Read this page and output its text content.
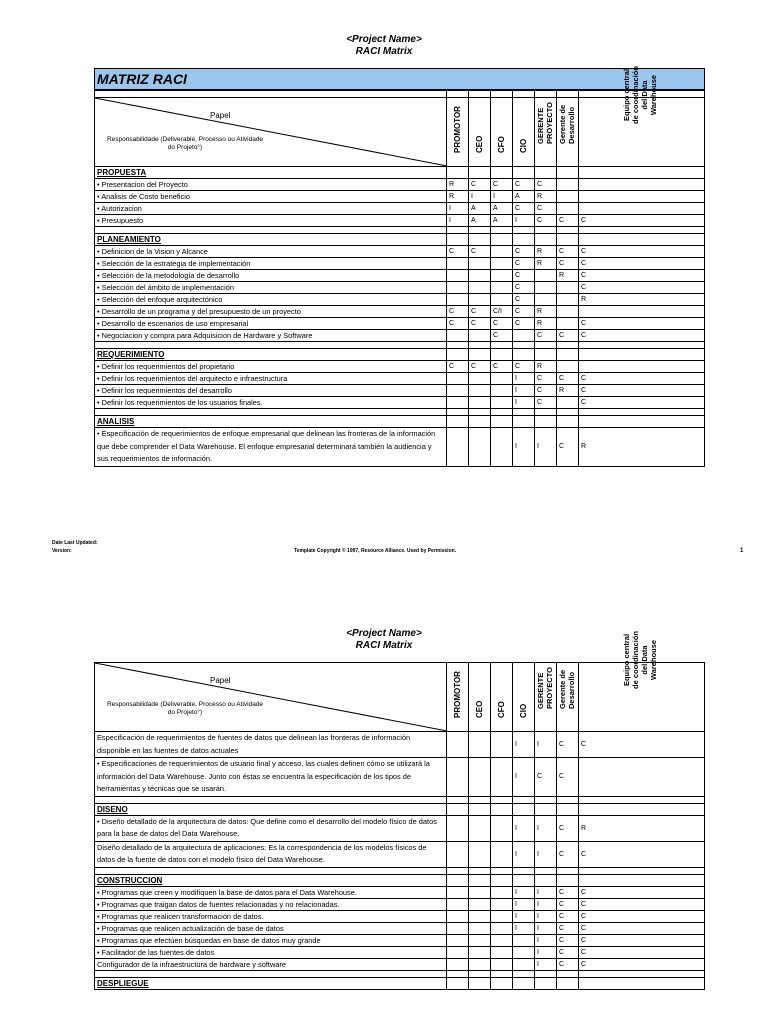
<Project Name>
RACI Matrix
MATRIZ RACI							

Papel
Responsabilidade (Deliverable, Processo ou Atividade do Projeto°)	PROMOTOR	CEO	CFO	CIO	GERENTE PROYECTO	Gerente de Desarrollo	Equipo central de coordinación del Data Warehouse

PROPUESTA							
• Presentacion del Proyecto	R	C	C	C	C		
• Analisis de Costo beneficio	R	I	I	A	R		
• Autorizacion	I	A	A	C	C		
• Presupuesto	I	A	A	I	C	C	C

PLANEAMIENTO							
• Definicion de la Vision y Alcance	C	C		C	R	C	C
• Selección de la estrategia de implementación				C	R	C	C
• Selección de la metodología de desarrollo				C		R	C
• Selección del ámbito de implementación				C			C
• Selección del enfoque arquitectónico				C			R
• Desarrollo de un programa y del presupuesto de un proyecto	C	C	C/I	C	R		
• Desarrollo de escenarios de uso empresarial	C	C	C	C	R		C
• Negociacion y compra para Adquisicion de Hardware y Software			C		C	C	C

REQUERIMIENTO							
• Definir los requerimientos del propietario	C	C	C	C	R		
• Definir los requerimientos del arquitecto e infraestructura				I	C	C	C
• Definir los requerimientos del desarrollo				I	C	R	C
• Definir los requerimientos de los usuarios finales.				I	C		C

ANALISIS							
• Especificación de requerimientos de enfoque empresarial que delinean las fronteras de la información que debe comprender el Data Warehouse. El enfoque empresarial determinará también la audiencia y sus requerimientos de información.				I	I	C	R
Date Last Updated:
Version:	Template Copyright © 1997, Resource Alliance. Used by Permission.	1
<Project Name>
RACI Matrix
Papel
Responsabilidade (Deliverable, Processo ou Atividade do Projeto°)	PROMOTOR	CEO	CFO	CIO	GERENTE PROYECTO	Gerente de Desarrollo	Equipo central de coordinación del Data Warehouse

Especificación de requerimientos de fuentes de datos que delinean las fronteras de información disponible en las fuentes de datos actuales				I	I	C	C
• Especificaciones de requerimientos de usuario final y acceso, las cuales definen cómo se utilizará la información del Data Warehouse. Junto con éstas se encuentra la especificación de los tipos de herramientas y técnicas que se usarán.				I	C	C	

DISENO							
• Diseño detallado de la arquitectura de datos: Que define como el desarrollo del modelo físico de datos para la base de datos del Data Warehouse.				I	I	C	R
Diseño detallado de la arquitectura de aplicaciones: Es la correspondencia de los modelos físicos de datos de la fuente de datos con el modelo físico del Data Warehouse.				I	I	C	C

CONSTRUCCION							
• Programas que creen y modifiquen la base de datos para el Data Warehouse.				I	I	C	C
• Programas que traigan datos de fuentes relacionadas y no relacionadas.				I	I	C	C
• Programas que realicen transformación de datos.				I	I	C	C
• Programas que realicen actualización de base de datos				I	I	C	C
• Programas que efectúen búsquedas en base de datos muy grande					I	C	C
• Facilitador de las fuentes de datos					I	C	C
Configurador de la infraestructura de hardware y software					I	C	C

DESPLIEGUE							
